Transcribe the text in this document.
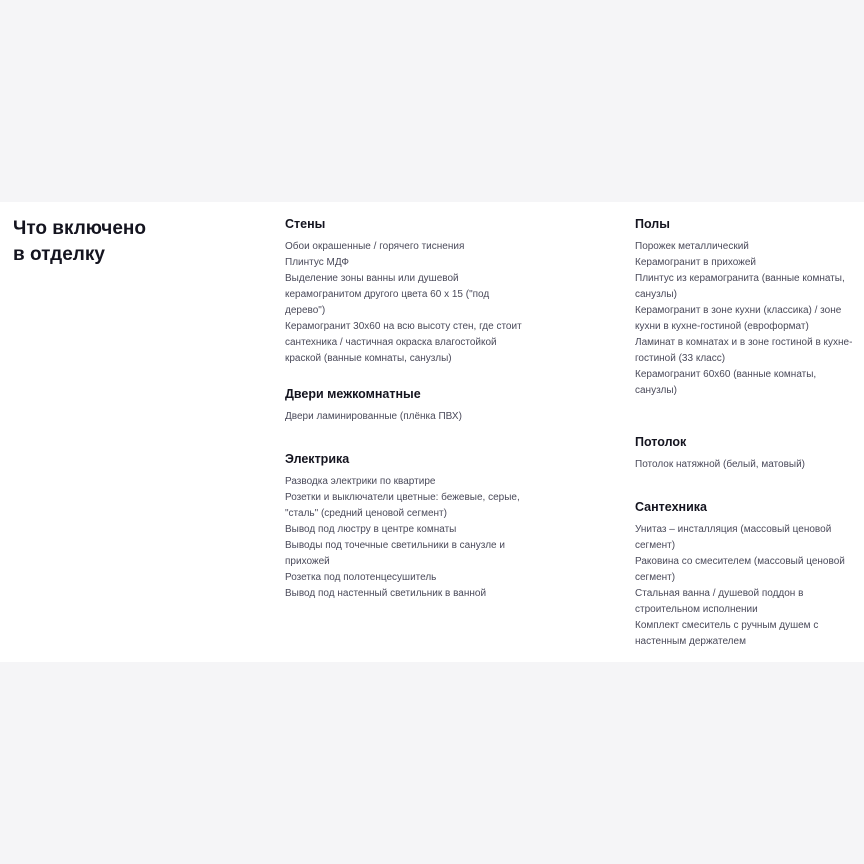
Что включено
в отделку
Стены
Обои окрашенные / горячего тиснения
Плинтус МДФ
Выделение зоны ванны или душевой керамогранитом другого цвета 60 х 15 ("под дерево")
Керамогранит 30х60 на всю высоту стен, где стоит сантехника / частичная окраска влагостойкой краской (ванные комнаты, санузлы)
Двери межкомнатные
Двери ламинированные (плёнка ПВХ)
Электрика
Разводка электрики по квартире
Розетки и выключатели цветные: бежевые, серые, "сталь" (средний ценовой сегмент)
Вывод под люстру в центре комнаты
Выводы под точечные светильники в санузле и прихожей
Розетка под полотенцесушитель
Вывод под настенный светильник в ванной
Полы
Порожек металлический
Керамогранит в прихожей
Плинтус из керамогранита (ванные комнаты, санузлы)
Керамогранит в зоне кухни (классика) / зоне кухни в кухне-гостиной (евроформат)
Ламинат в комнатах и в зоне гостиной в кухне-гостиной (33 класс)
Керамогранит 60х60 (ванные комнаты, санузлы)
Потолок
Потолок натяжной (белый, матовый)
Сантехника
Унитаз – инсталляция (массовый ценовой сегмент)
Раковина со смесителем (массовый ценовой сегмент)
Стальная ванна / душевой поддон в строительном исполнении
Комплект смеситель с ручным душем с настенным держателем
